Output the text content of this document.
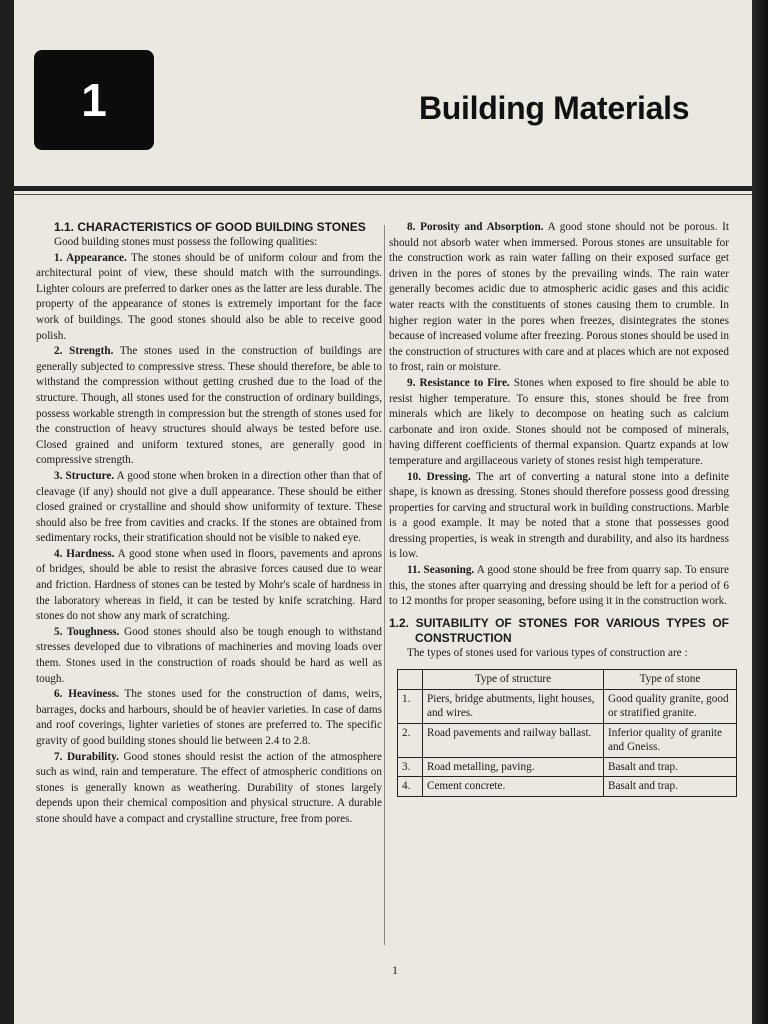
1	Building Materials

1.1. CHARACTERISTICS OF GOOD BUILDING STONES

Good building stones must possess the following qualities:

1. Appearance. The stones should be of uniform colour and from the architectural point of view, these should match with the surroundings. Lighter colours are preferred to darker ones as the latter are less durable. The property of the appearance of stones is extremely important for the face work of buildings. The good stones should also be able to receive good polish.

2. Strength. The stones used in the construction of buildings are generally subjected to compressive stress. These should therefore, be able to withstand the compression without getting crushed due to the load of the structure. Though, all stones used for the construction of ordinary buildings, possess workable strength in compression but the strength of stones used for the construction of heavy structures should always be tested before use. Closed grained and uniform textured stones, are generally good in compressive strength.

3. Structure. A good stone when broken in a direction other than that of cleavage (if any) should not give a dull appearance. These should be either closed grained or crystalline and should show uniformity of texture. These should also be free from cavities and cracks. If the stones are obtained from sedimentary rocks, their stratification should not be visible to naked eye.

4. Hardness. A good stone when used in floors, pavements and aprons of bridges, should be able to resist the abrasive forces caused due to wear and friction. Hardness of stones can be tested by Mohr's scale of hardness in the laboratory whereas in field, it can be tested by knife scratching. Hard stones do not show any mark of scratching.

5. Toughness. Good stones should also be tough enough to withstand stresses developed due to vibrations of machineries and moving loads over them. Stones used in the construction of roads should be hard as well as tough.

6. Heaviness. The stones used for the construction of dams, weirs, barrages, docks and harbours, should be of heavier varieties. In case of dams and roof coverings, lighter varieties of stones are preferred to. The specific gravity of good building stones should lie between 2.4 to 2.8.

7. Durability. Good stones should resist the action of the atmosphere such as wind, rain and temperature. The effect of atmospheric conditions on stones is generally known as weathering. Durability of stones largely depends upon their chemical composition and physical structure. A durable stone should have a compact and crystalline structure, free from pores.

8. Porosity and Absorption. A good stone should not be porous. It should not absorb water when immersed. Porous stones are unsuitable for the construction work as rain water falling on their exposed surface get driven in the pores of stones by the prevailing winds. The rain water generally becomes acidic due to atmospheric acidic gases and this acidic water reacts with the constituents of stones causing them to crumble. In higher region water in the pores when freezes, disintegrates the stones because of increased volume after freezing. Porous stones should be used in the construction of structures with care and at places which are not exposed to frost, rain or moisture.

9. Resistance to Fire. Stones when exposed to fire should be able to resist higher temperature. To ensure this, stones should be free from minerals which are likely to decompose on heating such as calcium carbonate and iron oxide. Stones should not be composed of minerals, having different coefficients of thermal expansion. Quartz expands at low temperature and argillaceous variety of stones resist high temperature.

10. Dressing. The art of converting a natural stone into a definite shape, is known as dressing. Stones should therefore possess good dressing properties for carving and structural work in building constructions. Marble is a good example. It may be noted that a stone that possesses good dressing properties, is weak in strength and durability, and also its hardness is low.

11. Seasoning. A good stone should be free from quarry sap. To ensure this, the stones after quarrying and dressing should be left for a period of 6 to 12 months for proper seasoning, before using it in the construction work.

1.2. SUITABILITY OF STONES FOR VARIOUS TYPES OF CONSTRUCTION

The types of stones used for various types of construction are :

	Type of structure	Type of stone
1.	Piers, bridge abutments, light houses, and wires.	Good quality granite, good or stratified granite.
2.	Road pavements and railway ballast.	Inferior quality of granite and Gneiss.
3.	Road metalling, paving.	Basalt and trap.
4.	Cement concrete.	Basalt and trap.
1
